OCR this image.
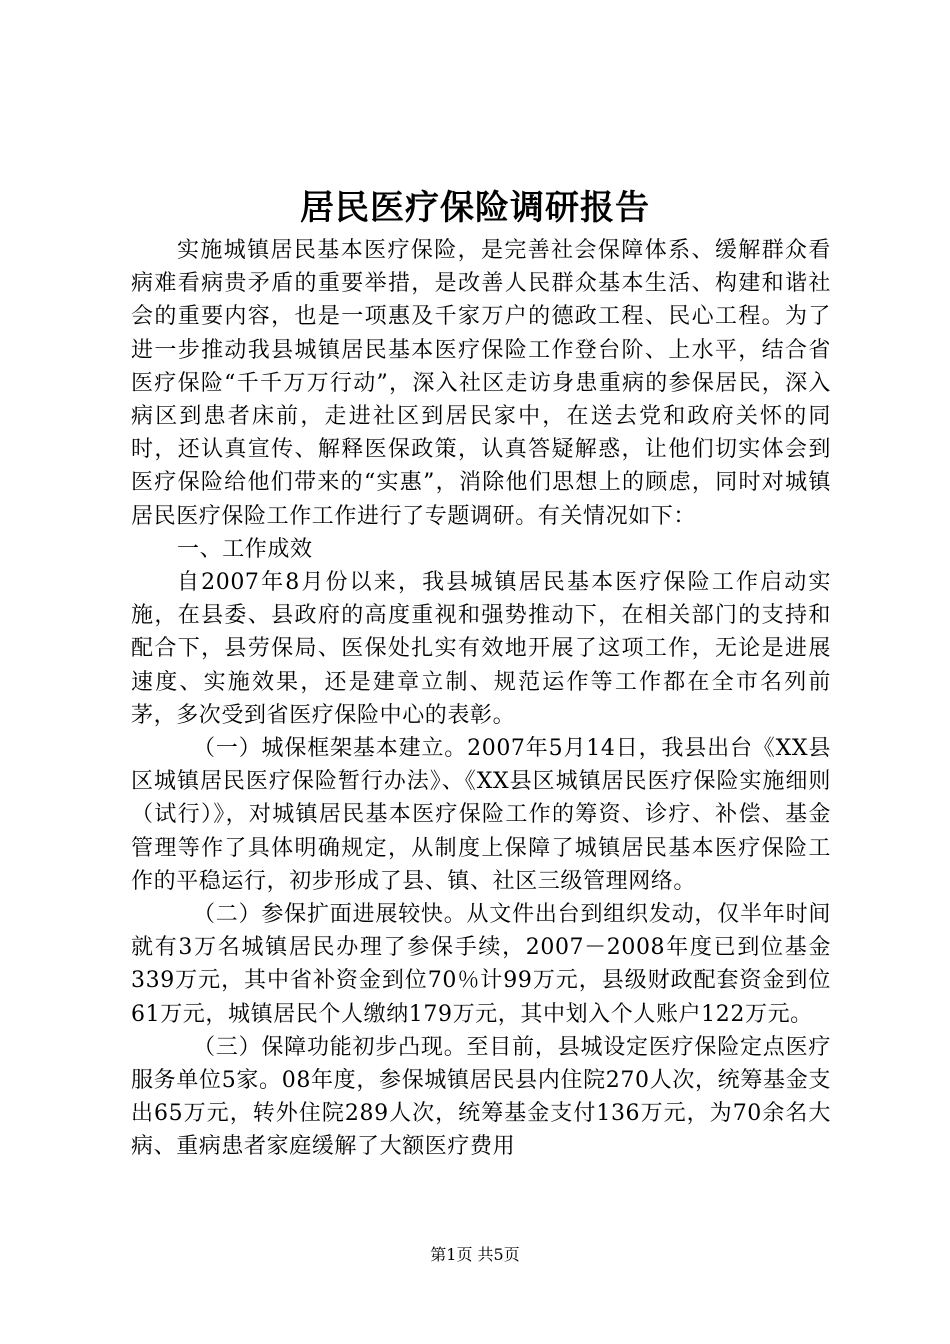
居民医疗保险调研报告

实施城镇居民基本医疗保险，是完善社会保障体系、缓解群众看病难看病贵矛盾的重要举措，是改善人民群众基本生活、构建和谐社会的重要内容，也是一项惠及千家万户的德政工程、民心工程。为了进一步推动我县城镇居民基本医疗保险工作登台阶、上水平，结合省医疗保险“千千万万行动”，深入社区走访身患重病的参保居民，深入病区到患者床前，走进社区到居民家中，在送去党和政府关怀的同时，还认真宣传、解释医保政策，认真答疑解惑，让他们切实体会到医疗保险给他们带来的“实惠”，消除他们思想上的顾虑，同时对城镇居民医疗保险工作工作进行了专题调研。有关情况如下：

一、工作成效

自2007年8月份以来，我县城镇居民基本医疗保险工作启动实施，在县委、县政府的高度重视和强势推动下，在相关部门的支持和配合下，县劳保局、医保处扎实有效地开展了这项工作，无论是进展速度、实施效果，还是建章立制、规范运作等工作都在全市名列前茅，多次受到省医疗保险中心的表彰。

（一）城保框架基本建立。2007年5月14日，我县出台《XX县区城镇居民医疗保险暂行办法》、《XX县区城镇居民医疗保险实施细则（试行）》，对城镇居民基本医疗保险工作的筹资、诊疗、补偿、基金管理等作了具体明确规定，从制度上保障了城镇居民基本医疗保险工作的平稳运行，初步形成了县、镇、社区三级管理网络。

（二）参保扩面进展较快。从文件出台到组织发动，仅半年时间就有3万名城镇居民办理了参保手续，2007－2008年度已到位基金339万元，其中省补资金到位70％计99万元，县级财政配套资金到位61万元，城镇居民个人缴纳179万元，其中划入个人账户122万元。

（三）保障功能初步凸现。至目前，县城设定医疗保险定点医疗服务单位5家。08年度，参保城镇居民县内住院270人次，统筹基金支出65万元，转外住院289人次，统筹基金支付136万元，为70余名大病、重病患者家庭缓解了大额医疗费用

第1页 共5页
